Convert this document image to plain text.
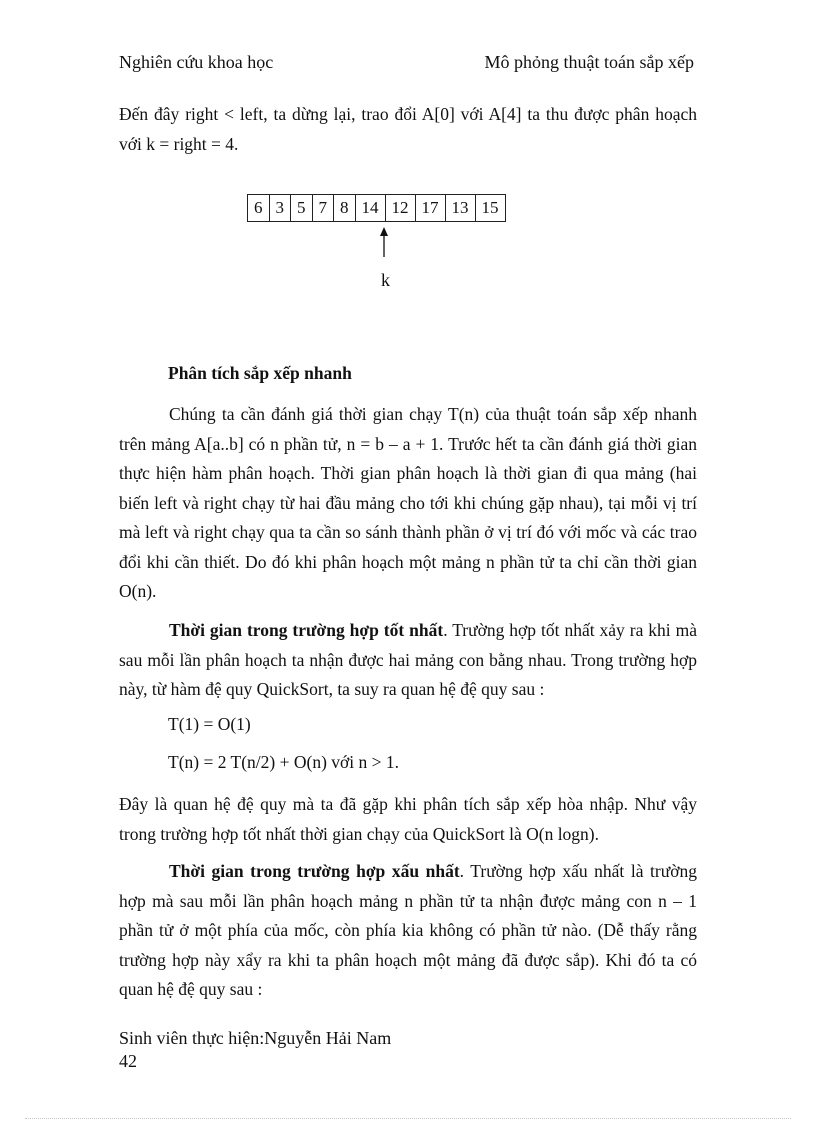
Nghiên cứu khoa học	Mô phỏng thuật toán sắp xếp

Đến đây right < left, ta dừng lại, trao đổi A[0] với A[4] ta thu được phân hoạch với k = right = 4.

6	3	5	7	8	14	12	17	13	15
k
Phân tích sắp xếp nhanh

Chúng ta cần đánh giá thời gian chạy T(n) của thuật toán sắp xếp nhanh trên mảng A[a..b] có n phần tử, n = b – a + 1. Trước hết ta cần đánh giá thời gian thực hiện hàm phân hoạch. Thời gian phân hoạch là thời gian đi qua mảng (hai biến left và right chạy từ hai đầu mảng cho tới khi chúng gặp nhau), tại mỗi vị trí mà left và right chạy qua ta cần so sánh thành phần ở vị trí đó với mốc và các trao đổi khi cần thiết. Do đó khi phân hoạch một mảng n phần tử ta chỉ cần thời gian O(n).

Thời gian trong trường hợp tốt nhất. Trường hợp tốt nhất xảy ra khi mà sau mỗi lần phân hoạch ta nhận được hai mảng con bằng nhau. Trong trường hợp này, từ hàm đệ quy QuickSort, ta suy ra quan hệ đệ quy sau :

T(1) = O(1)
T(n) = 2 T(n/2) + O(n) với n > 1.

Đây là quan hệ đệ quy mà ta đã gặp khi phân tích sắp xếp hòa nhập. Như vậy trong trường hợp tốt nhất thời gian chạy của QuickSort là O(n logn).

Thời gian trong trường hợp xấu nhất. Trường hợp xấu nhất là trường hợp mà sau mỗi lần phân hoạch mảng n phần tử ta nhận được mảng con n – 1 phần tử ở một phía của mốc, còn phía kia không có phần tử nào. (Dễ thấy rằng trường hợp này xẩy ra khi ta phân hoạch một mảng đã được sắp). Khi đó ta có quan hệ đệ quy sau :

Sinh viên thực hiện:Nguyễn Hải Nam
42
